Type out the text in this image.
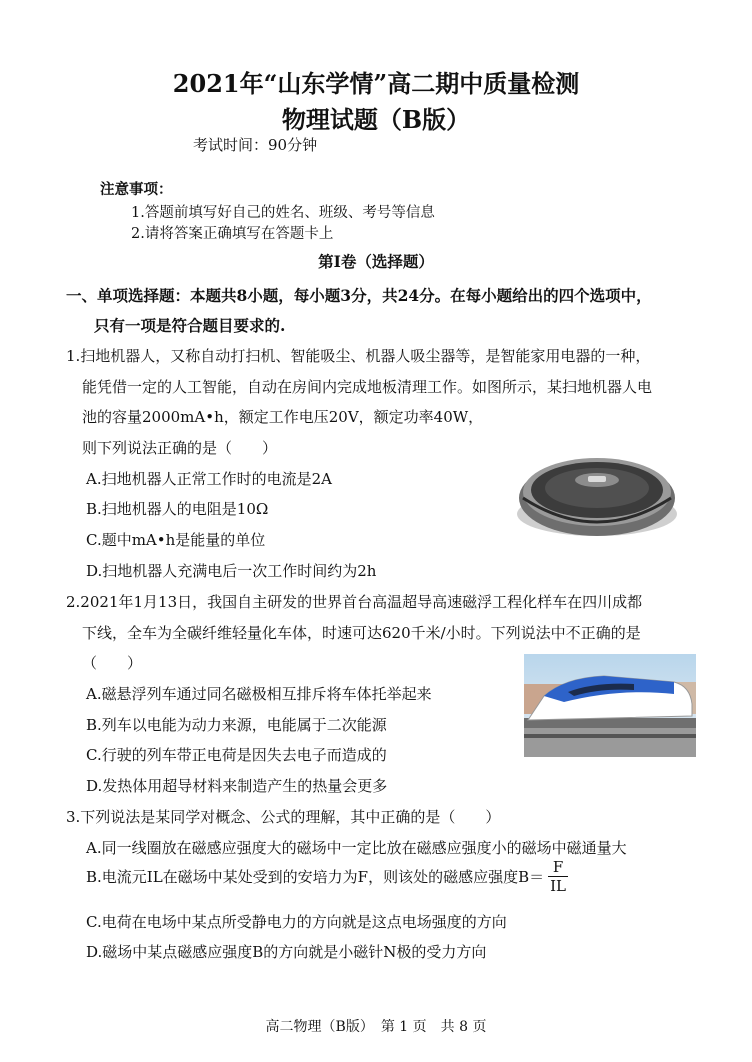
2021年“山东学情”高二期中质量检测
物理试题（B版）
考试时间：90分钟
注意事项：
1.答题前填写好自己的姓名、班级、考号等信息
2.请将答案正确填写在答题卡上
第Ⅰ卷（选择题）
一、单项选择题：本题共8小题，每小题3分，共24分。在每小题给出的四个选项中，
只有一项是符合题目要求的.
1.扫地机器人，又称自动打扫机、智能吸尘、机器人吸尘器等，是智能家用电器的一种，
能凭借一定的人工智能，自动在房间内完成地板清理工作。如图所示，某扫地机器人电
池的容量2000mA•h，额定工作电压20V，额定功率40W，
则下列说法正确的是（　　）
A.扫地机器人正常工作时的电流是2A
B.扫地机器人的电阻是10Ω
C.题中mA•h是能量的单位
D.扫地机器人充满电后一次工作时间约为2h
2.2021年1月13日，我国自主研发的世界首台高温超导高速磁浮工程化样车在四川成都
下线，全车为全碳纤维轻量化车体，时速可达620千米/小时。下列说法中不正确的是
（　　）
A.磁悬浮列车通过同名磁极相互排斥将车体托举起来
B.列车以电能为动力来源，电能属于二次能源
C.行驶的列车带正电荷是因失去电子而造成的
D.发热体用超导材料来制造产生的热量会更多
3.下列说法是某同学对概念、公式的理解，其中正确的是（　　）
A.同一线圈放在磁感应强度大的磁场中一定比放在磁感应强度小的磁场中磁通量大
B.电流元IL在磁场中某处受到的安培力为F，则该处的磁感应强度$B= \frac{F}{IL}$
C.电荷在电场中某点所受静电力的方向就是这点电场强度的方向
D.磁场中某点磁感应强度B的方向就是小磁针N极的受力方向
高二物理（B版）　第 1 页　共 8 页
